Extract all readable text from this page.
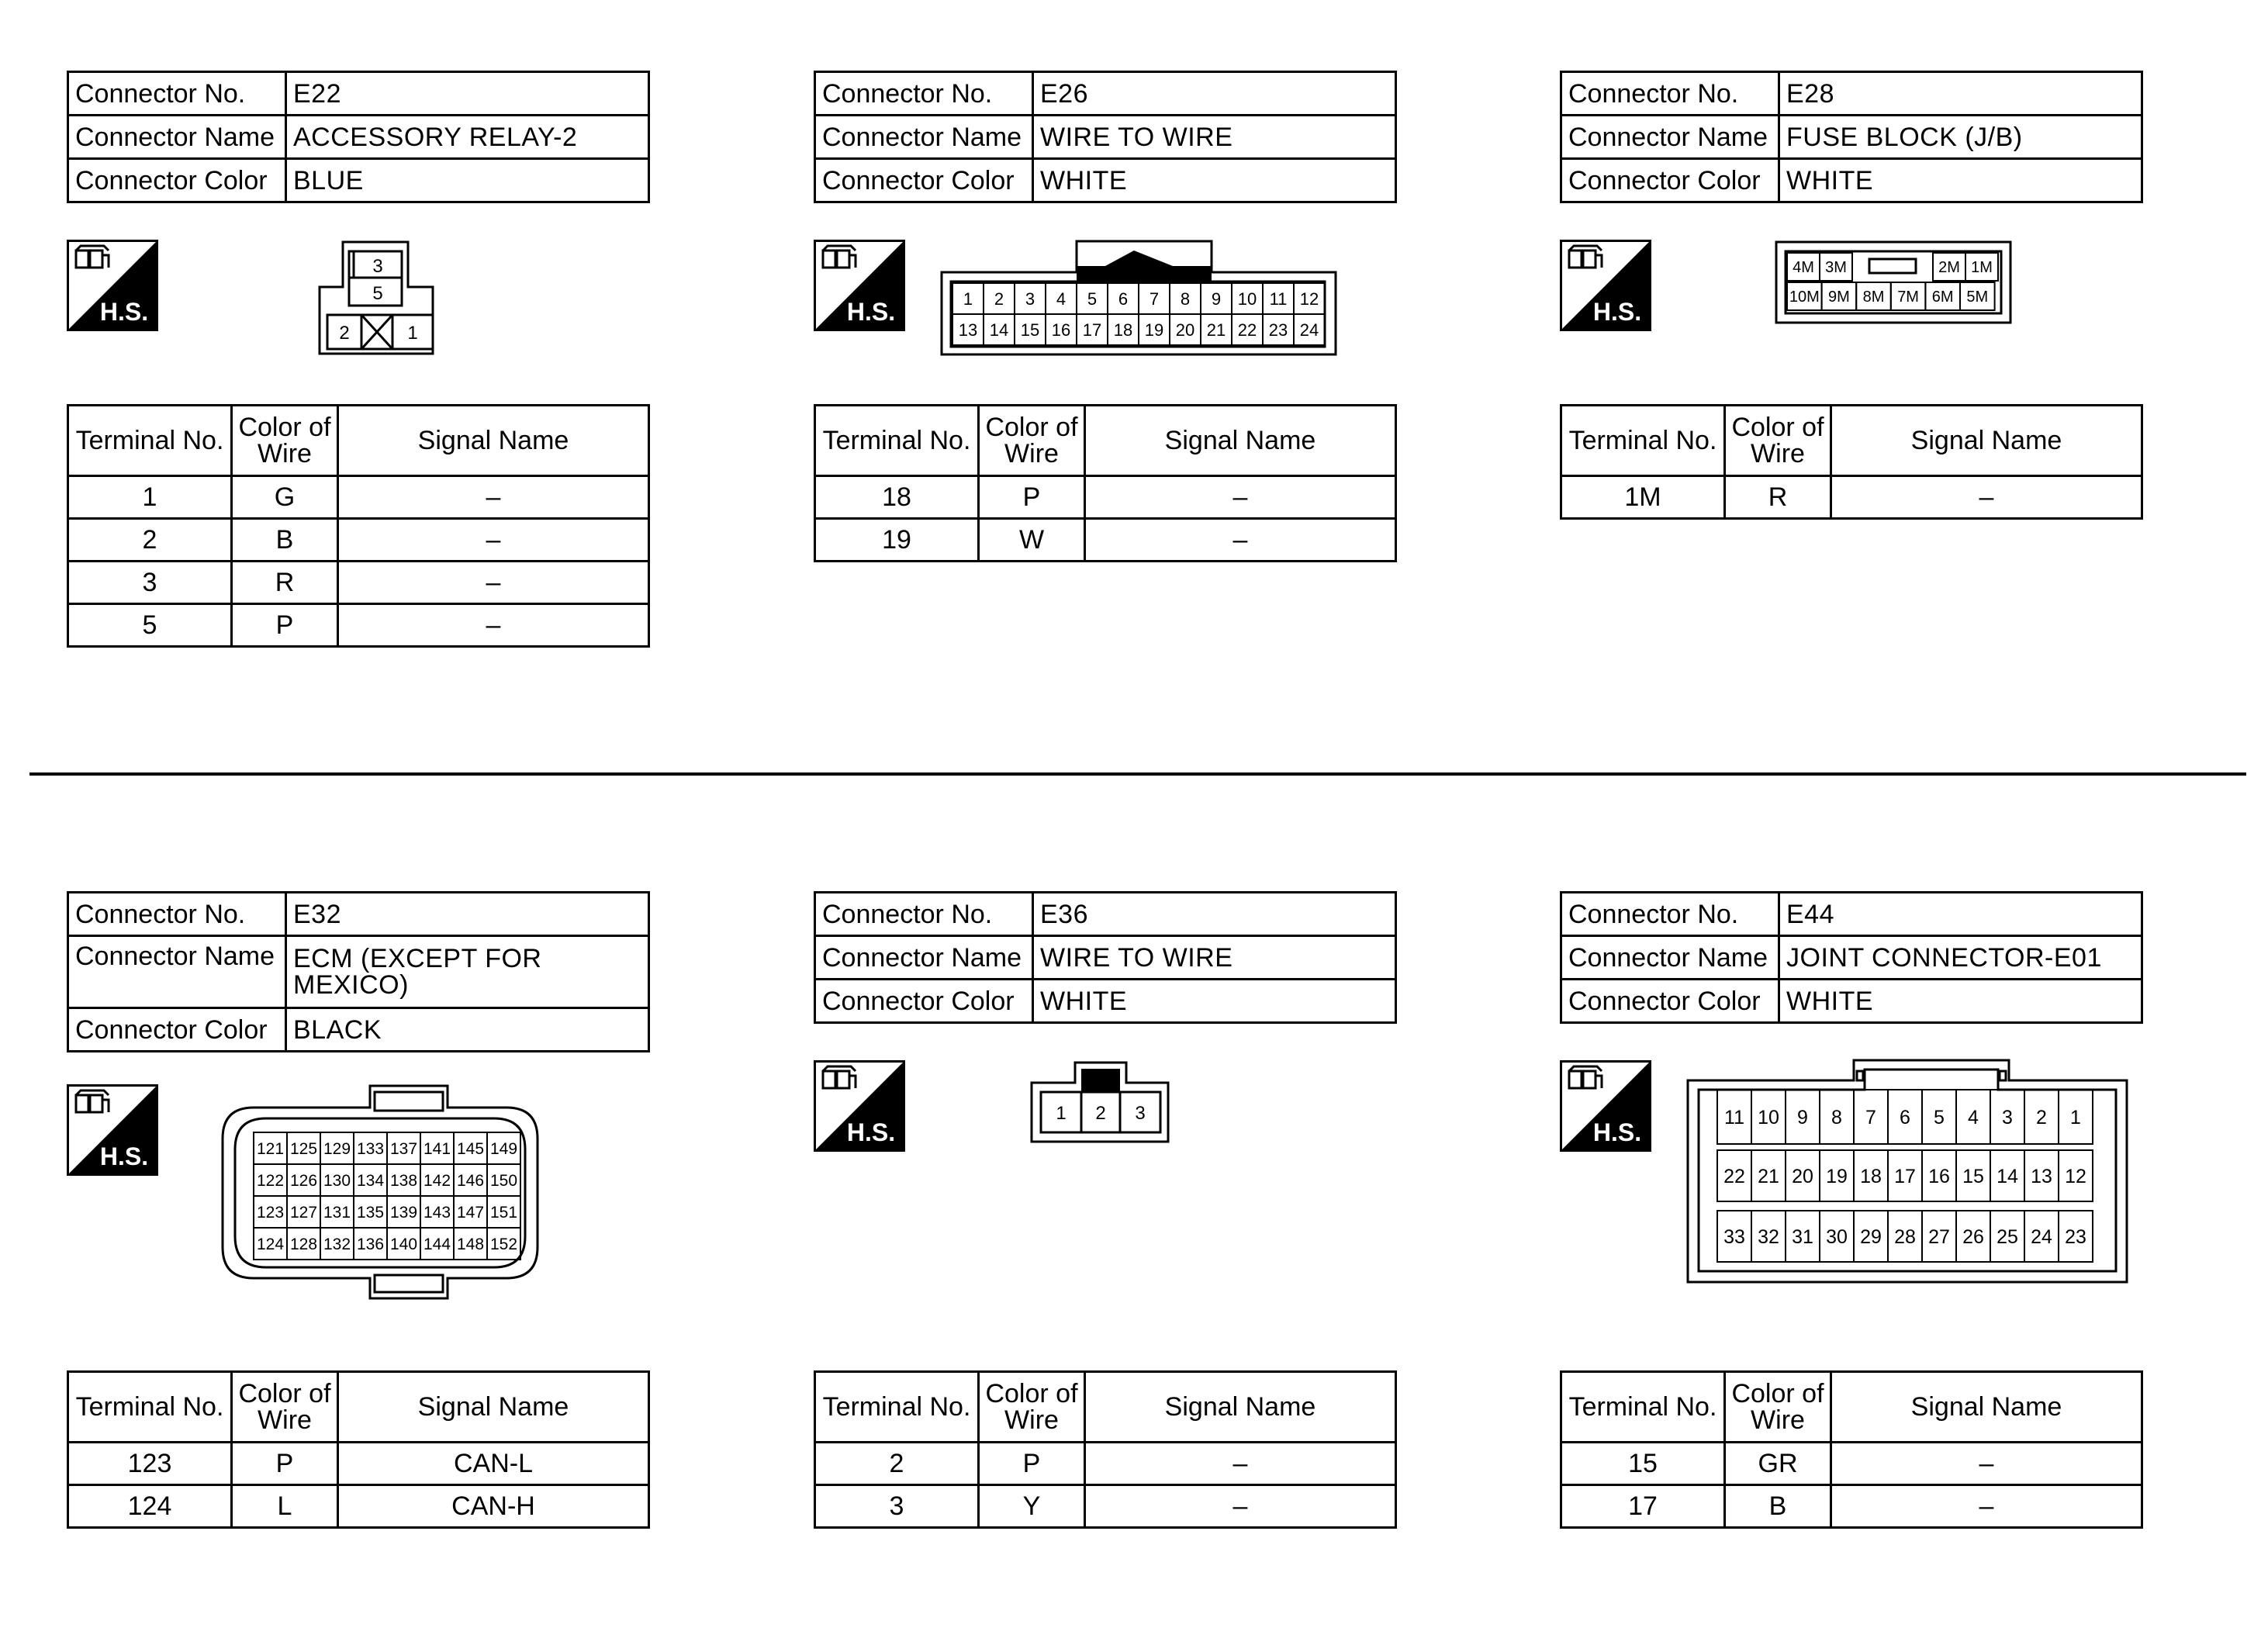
Connector No.	E22
Connector Name	ACCESSORY RELAY-2
Connector Color	BLUE
H.S.
3
5
2	1
Terminal No.	Color of Wire	Signal Name
1	G	–
2	B	–
3	R	–
5	P	–
Connector No.	E26
Connector Name	WIRE TO WIRE
Connector Color	WHITE
H.S.	1 2 3 4 5 6 7 8 9 10 11 12
13 14 15 16 17 18 19 20 21 22 23 24
Terminal No.	Color of Wire	Signal Name
18	P	–
19	W	–
Connector No.	E28
Connector Name	FUSE BLOCK (J/B)
Connector Color	WHITE
H.S.
4M 3M	2M 1M
10M 9M 8M 7M 6M 5M
Terminal No.	Color of Wire	Signal Name
1M	R	–
Connector No.	E32
Connector Name	ECM (EXCEPT FOR MEXICO)

Connector Color	BLACK
H.S.	121 125 129 133 137 141 145 149
122 126 130 134 138 142 146 150
123 127 131 135 139 143 147 151
124 128 132 136 140 144 148 152
Terminal No.	Color of Wire	Signal Name
123	P	CAN-L
124	L	CAN-H
Connector No.	E36
Connector Name	WIRE TO WIRE
Connector Color	WHITE
H.S.
1 2 3
Terminal No.	Color of Wire	Signal Name
2	P	–
3	Y	–
Connector No.	E44
Connector Name	JOINT CONNECTOR-E01
Connector Color	WHITE
H.S.
11 10 9 8 7 6 5 4 3 2 1
22 21 20 19 18 17 16 15 14 13 12
33 32 31 30 29 28 27 26 25 24 23
Terminal No.	Color of Wire	Signal Name
15	GR	–
17	B	–
